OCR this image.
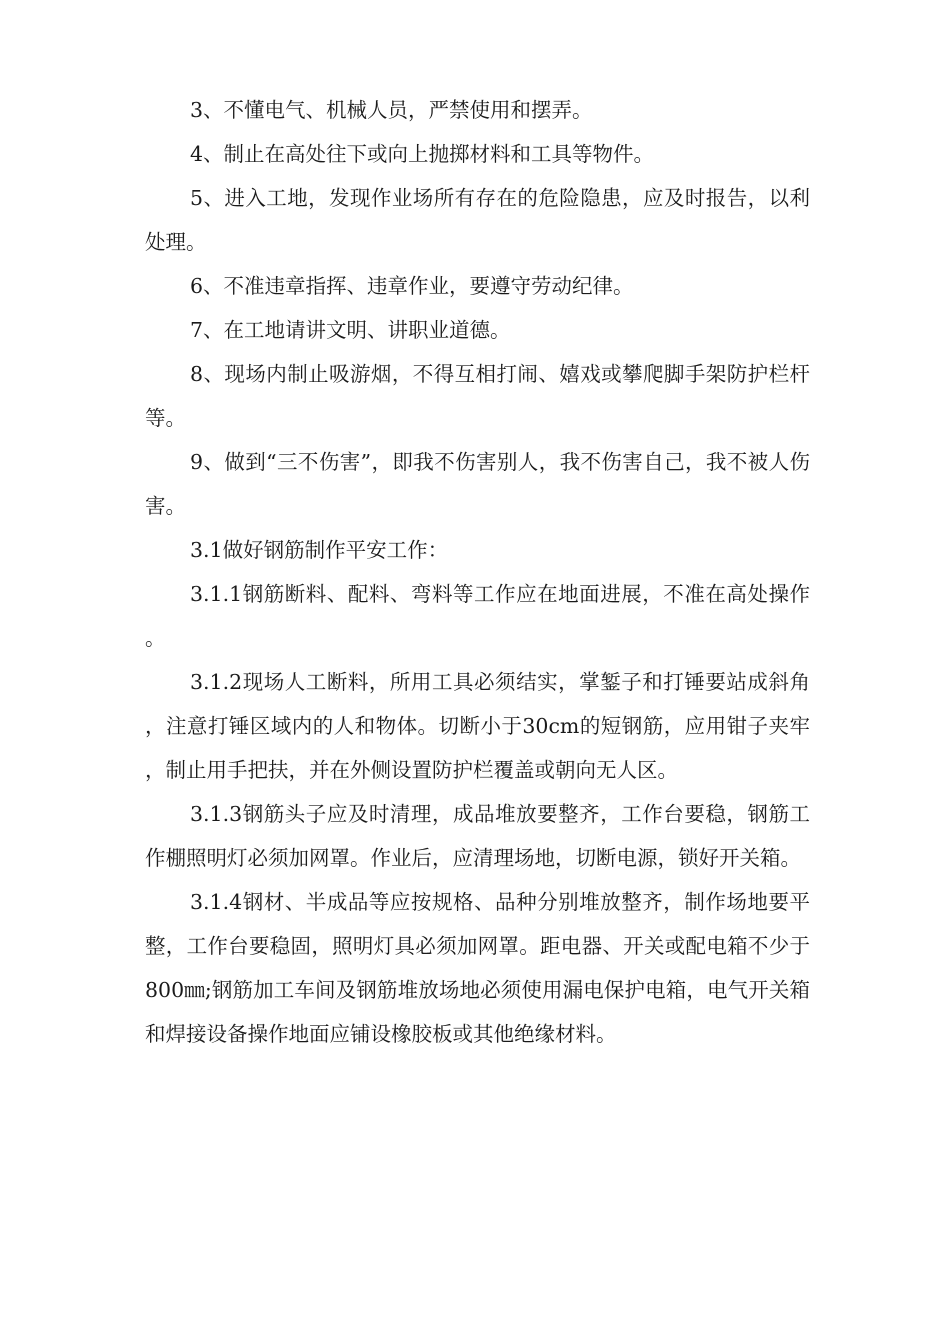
3、不懂电气、机械人员，严禁使用和摆弄。

4、制止在高处往下或向上抛掷材料和工具等物件。

5、进入工地，发现作业场所有存在的危险隐患，应及时报告，以利处理。

6、不准违章指挥、违章作业，要遵守劳动纪律。

7、在工地请讲文明、讲职业道德。

8、现场内制止吸游烟，不得互相打闹、嬉戏或攀爬脚手架防护栏杆等。

9、做到“三不伤害”，即我不伤害别人，我不伤害自己，我不被人伤害。

3.1做好钢筋制作平安工作：

3.1.1钢筋断料、配料、弯料等工作应在地面进展，不准在高处操作。

3.1.2现场人工断料，所用工具必须结实，掌錾子和打锤要站成斜角，注意打锤区域内的人和物体。切断小于30cm的短钢筋，应用钳子夹牢，制止用手把扶，并在外侧设置防护栏覆盖或朝向无人区。

3.1.3钢筋头子应及时清理，成品堆放要整齐，工作台要稳，钢筋工作棚照明灯必须加网罩。作业后，应清理场地，切断电源，锁好开关箱。

3.1.4钢材、半成品等应按规格、品种分别堆放整齐，制作场地要平整，工作台要稳固，照明灯具必须加网罩。距电器、开关或配电箱不少于800㎜;钢筋加工车间及钢筋堆放场地必须使用漏电保护电箱，电气开关箱和焊接设备操作地面应铺设橡胶板或其他绝缘材料。
